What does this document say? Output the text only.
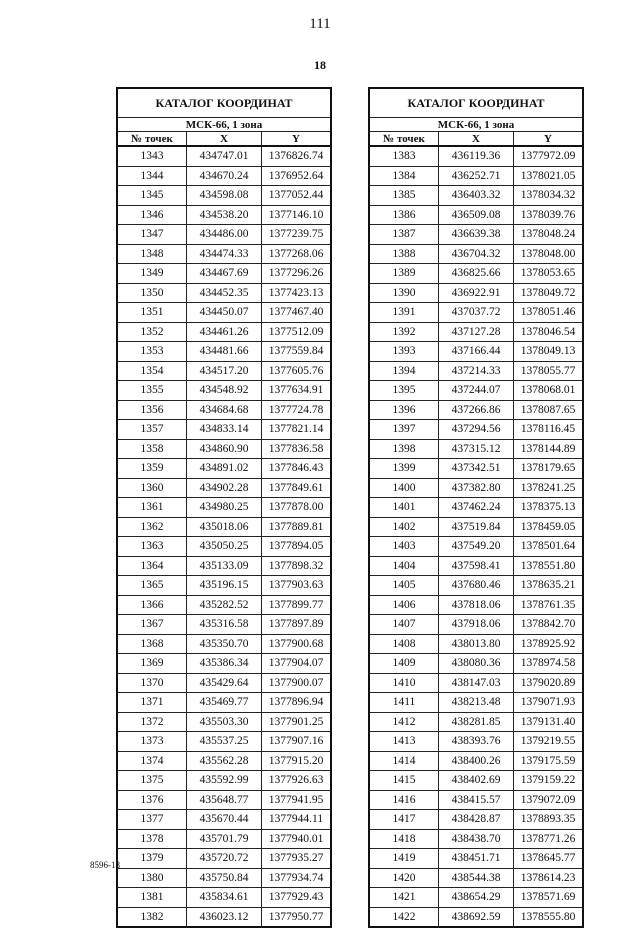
111
18
КАТАЛОГ КООРДИНАТ		
МСК-66, 1 зона		
№ точек	X	Y
1343	434747.01	1376826.74
1344	434670.24	1376952.64
1345	434598.08	1377052.44
1346	434538.20	1377146.10
1347	434486.00	1377239.75
1348	434474.33	1377268.06
1349	434467.69	1377296.26
1350	434452.35	1377423.13
1351	434450.07	1377467.40
1352	434461.26	1377512.09
1353	434481.66	1377559.84
1354	434517.20	1377605.76
1355	434548.92	1377634.91
1356	434684.68	1377724.78
1357	434833.14	1377821.14
1358	434860.90	1377836.58
1359	434891.02	1377846.43
1360	434902.28	1377849.61
1361	434980.25	1377878.00
1362	435018.06	1377889.81
1363	435050.25	1377894.05
1364	435133.09	1377898.32
1365	435196.15	1377903.63
1366	435282.52	1377899.77
1367	435316.58	1377897.89
1368	435350.70	1377900.68
1369	435386.34	1377904.07
1370	435429.64	1377900.07
1371	435469.77	1377896.94
1372	435503.30	1377901.25
1373	435537.25	1377907.16
1374	435562.28	1377915.20
1375	435592.99	1377926.63
1376	435648.77	1377941.95
1377	435670.44	1377944.11
1378	435701.79	1377940.01
1379	435720.72	1377935.27
1380	435750.84	1377934.74
1381	435834.61	1377929.43
1382	436023.12	1377950.77
КАТАЛОГ КООРДИНАТ		
МСК-66, 1 зона		
№ точек	X	Y
1383	436119.36	1377972.09
1384	436252.71	1378021.05
1385	436403.32	1378034.32
1386	436509.08	1378039.76
1387	436639.38	1378048.24
1388	436704.32	1378048.00
1389	436825.66	1378053.65
1390	436922.91	1378049.72
1391	437037.72	1378051.46
1392	437127.28	1378046.54
1393	437166.44	1378049.13
1394	437214.33	1378055.77
1395	437244.07	1378068.01
1396	437266.86	1378087.65
1397	437294.56	1378116.45
1398	437315.12	1378144.89
1399	437342.51	1378179.65
1400	437382.80	1378241.25
1401	437462.24	1378375.13
1402	437519.84	1378459.05
1403	437549.20	1378501.64
1404	437598.41	1378551.80
1405	437680.46	1378635.21
1406	437818.06	1378761.35
1407	437918.06	1378842.70
1408	438013.80	1378925.92
1409	438080.36	1378974.58
1410	438147.03	1379020.89
1411	438213.48	1379071.93
1412	438281.85	1379131.40
1413	438393.76	1379219.55
1414	438400.26	1379175.59
1415	438402.69	1379159.22
1416	438415.57	1379072.09
1417	438428.87	1378893.35
1418	438438.70	1378771.26
1419	438451.71	1378645.77
1420	438544.38	1378614.23
1421	438654.29	1378571.69
1422	438692.59	1378555.80
8596-18
